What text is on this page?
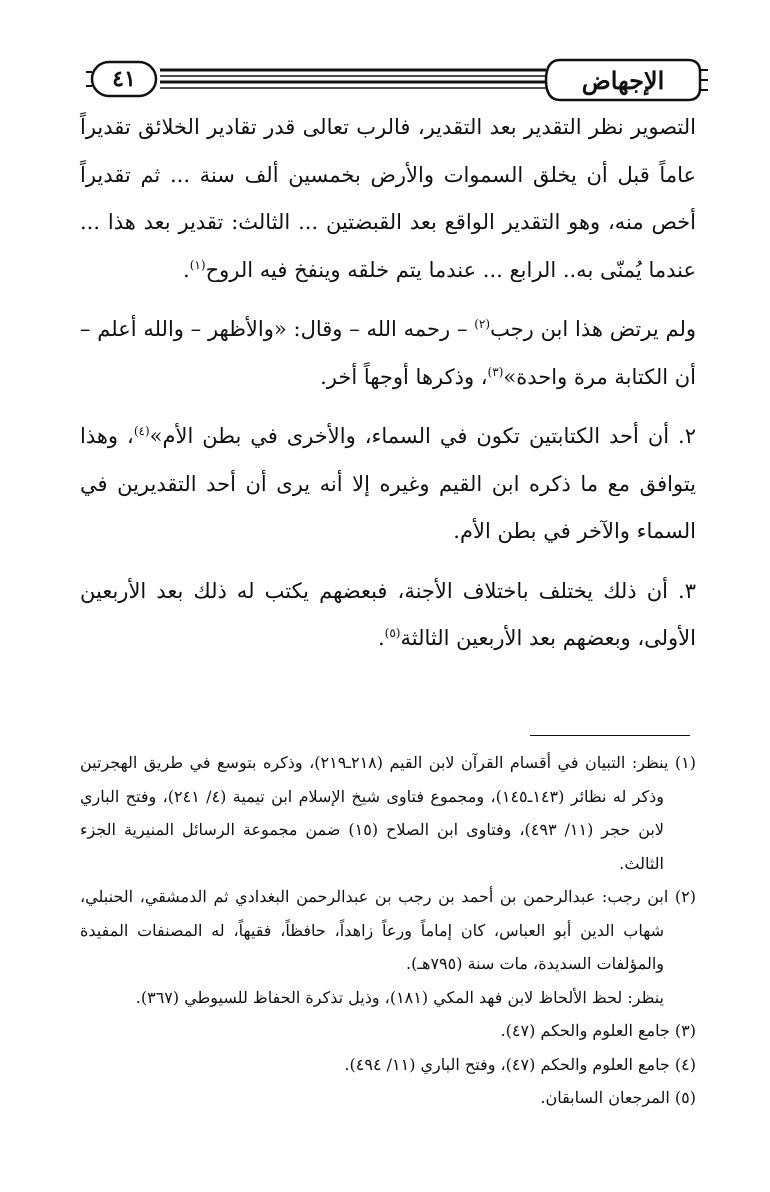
٤١	الإجهاض

التصوير نظر التقدير بعد التقدير، فالرب تعالى قدر تقادير الخلائق تقديراً عاماً قبل أن يخلق السموات والأرض بخمسين ألف سنة ... ثم تقديراً أخص منه، وهو التقدير الواقع بعد القبضتين ... الثالث: تقدير بعد هذا ... عندما يُمنّى به.. الرابع ... عندما يتم خلقه وينفخ فيه الروح$^{(١)}$.

ولم يرتض هذا ابن رجب$^{(٢)}$ – رحمه الله – وقال: «والأظهر – والله أعلم – أن الكتابة مرة واحدة»$^{(٣)}$، وذكرها أوجهاً أخر.

٢. أن أحد الكتابتين تكون في السماء، والأخرى في بطن الأم»$^{(٤)}$، وهذا يتوافق مع ما ذكره ابن القيم وغيره إلا أنه يرى أن أحد التقديرين في السماء والآخر في بطن الأم.

٣. أن ذلك يختلف باختلاف الأجنة، فبعضهم يكتب له ذلك بعد الأربعين الأولى، وبعضهم بعد الأربعين الثالثة$^{(٥)}$.

(١) ينظر: التبيان في أقسام القرآن لابن القيم (٢١٨ـ٢١٩)، وذكره بتوسع في طريق الهجرتين وذكر له نظائر (١٤٣ـ١٤٥)، ومجموع فتاوى شيخ الإسلام ابن تيمية (٤/ ٢٤١)، وفتح الباري لابن حجر (١١/ ٤٩٣)، وفتاوى ابن الصلاح (١٥) ضمن مجموعة الرسائل المنيرية الجزء الثالث.

(٢) ابن رجب: عبدالرحمن بن أحمد بن رجب بن عبدالرحمن البغدادي ثم الدمشقي، الحنبلي، شهاب الدين أبو العباس، كان إماماً ورعاً زاهداً، حافظاً، فقيهاً، له المصنفات المفيدة والمؤلفات السديدة، مات سنة (٧٩٥هـ).

ينظر: لحظ الألحاظ لابن فهد المكي (١٨١)، وذيل تذكرة الحفاظ للسيوطي (٣٦٧).

(٣) جامع العلوم والحكم (٤٧).

(٤) جامع العلوم والحكم (٤٧)، وفتح الباري (١١/ ٤٩٤).

(٥) المرجعان السابقان.
